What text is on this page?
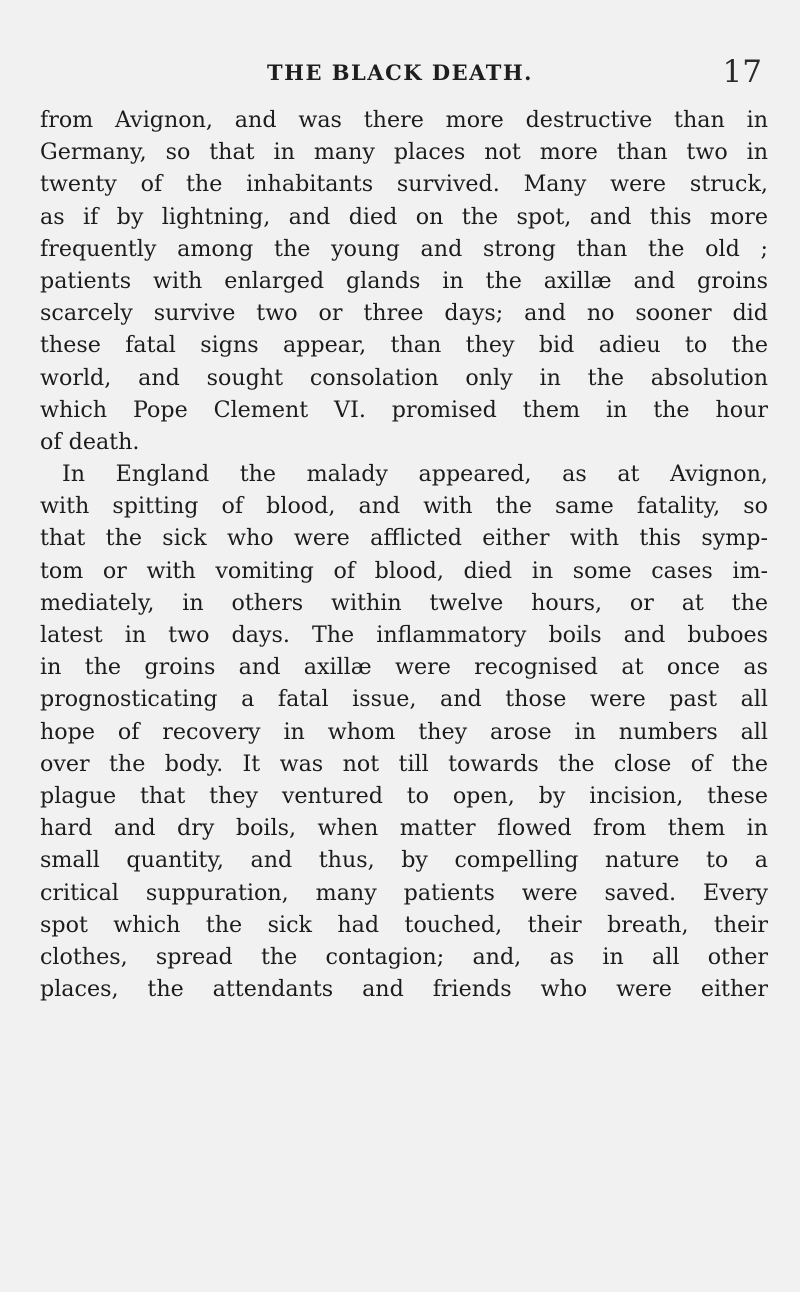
THE BLACK DEATH.	17
from Avignon, and was there more destructive than in
Germany, so that in many places not more than two in
twenty of the inhabitants survived. Many were struck,
as if by lightning, and died on the spot, and this more
frequently among the young and strong than the old ;
patients with enlarged glands in the axillæ and groins
scarcely survive two or three days; and no sooner did
these fatal signs appear, than they bid adieu to the
world, and sought consolation only in the absolution
which Pope Clement VI. promised them in the hour
of death.
In England the malady appeared, as at Avignon,
with spitting of blood, and with the same fatality, so
that the sick who were afflicted either with this symp-
tom or with vomiting of blood, died in some cases im-
mediately, in others within twelve hours, or at the
latest in two days. The inflammatory boils and buboes
in the groins and axillæ were recognised at once as
prognosticating a fatal issue, and those were past all
hope of recovery in whom they arose in numbers all
over the body. It was not till towards the close of the
plague that they ventured to open, by incision, these
hard and dry boils, when matter flowed from them in
small quantity, and thus, by compelling nature to a
critical suppuration, many patients were saved. Every
spot which the sick had touched, their breath, their
clothes, spread the contagion; and, as in all other
places, the attendants and friends who were either
